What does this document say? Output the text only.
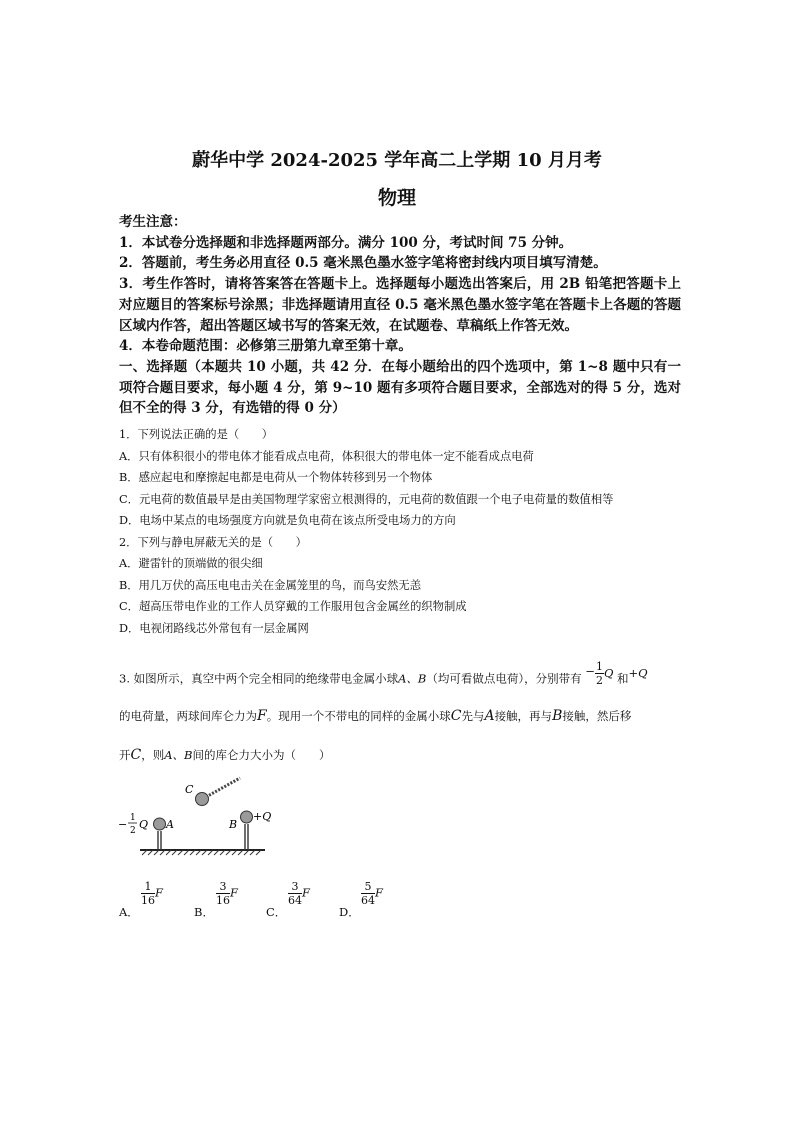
蔚华中学 2024-2025 学年高二上学期 10 月月考
物理

考生注意：

1．本试卷分选择题和非选择题两部分。满分 100 分，考试时间 75 分钟。

2．答题前，考生务必用直径 0.5 毫米黑色墨水签字笔将密封线内项目填写清楚。

3．考生作答时，请将答案答在答题卡上。选择题每小题选出答案后，用 2B 铅笔把答题卡上对应题目的答案标号涂黑；非选择题请用直径 0.5 毫米黑色墨水签字笔在答题卡上各题的答题区域内作答，超出答题区域书写的答案无效，在试题卷、草稿纸上作答无效。

4．本卷命题范围：必修第三册第九章至第十章。

一、选择题（本题共 10 小题，共 42 分．在每小题给出的四个选项中，第 1~8 题中只有一项符合题目要求，每小题 4 分，第 9~10 题有多项符合题目要求，全部选对的得 5 分，选对但不全的得 3 分，有选错的得 0 分）

1．下列说法正确的是（　　）

A．只有体积很小的带电体才能看成点电荷，体积很大的带电体一定不能看成点电荷

B．感应起电和摩擦起电都是电荷从一个物体转移到另一个物体

C．元电荷的数值最早是由美国物理学家密立根测得的，元电荷的数值跟一个电子电荷量的数值相等

D．电场中某点的电场强度方向就是负电荷在该点所受电场力的方向

2．下列与静电屏蔽无关的是（　　）

A．避雷针的顶端做的很尖细

B．用几万伏的高压电电击关在金属笼里的鸟，而鸟安然无恙

C．超高压带电作业的工作人员穿戴的工作服用包含金属丝的织物制成

D．电视闭路线芯外常包有一层金属网

3. 如图所示，真空中两个完全相同的绝缘带电金属小球A、B（均可看做点电荷），分别带有 − $\frac{1}{2}$ Q 和+Q
的电荷量，两球间库仑力为F。现用一个不带电的同样的金属小球C先与A接触，再与B接触，然后移
开C，则A、B间的库仑力大小为（　　）
C
A	B
+Q
− 1
2 Q
A．
$\frac{1}{16}$ F
B．
$\frac{3}{16}$ F
C．
$\frac{3}{64}$ F
D．
$\frac{5}{64}$ F
